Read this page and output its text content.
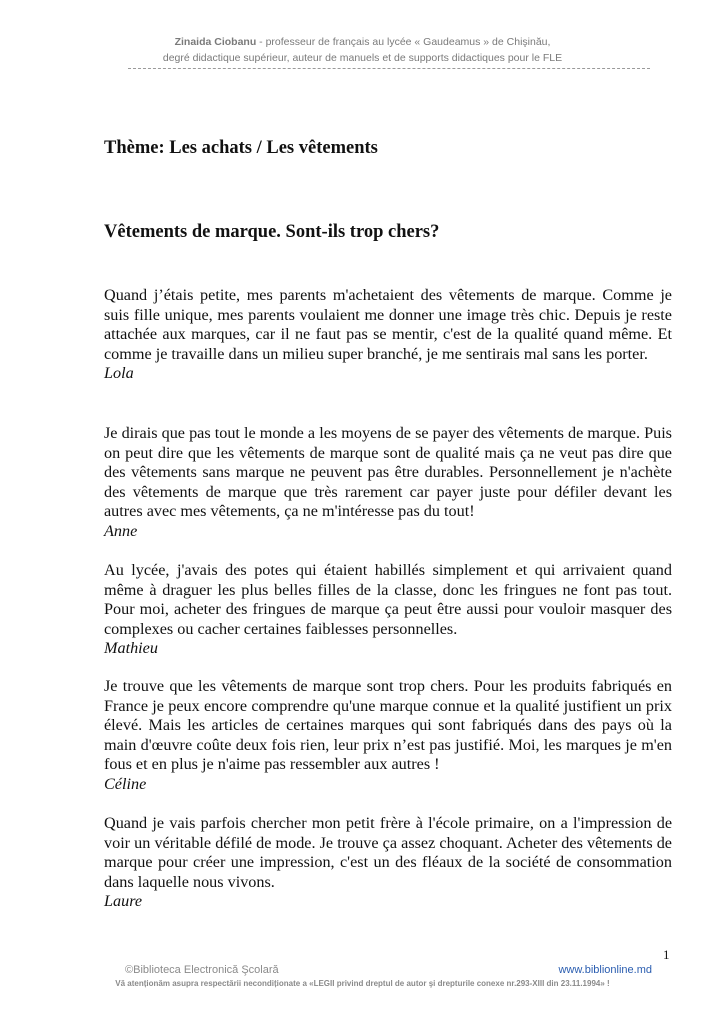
Zinaida Ciobanu - professeur de français au lycée « Gaudeamus » de Chişinău,
degré didactique supérieur, auteur de manuels et de supports didactiques pour le FLE
Thème: Les achats / Les vêtements
Vêtements de marque. Sont-ils trop chers?

Quand j’étais petite, mes parents m'achetaient des vêtements de marque. Comme je suis fille unique, mes parents voulaient me donner une image très chic. Depuis je reste attachée aux marques, car il ne faut pas se mentir, c'est de la qualité quand même. Et comme je travaille dans un milieu super branché, je me sentirais mal sans les porter.

Lola

Je dirais que pas tout le monde a les moyens de se payer des vêtements de marque. Puis on peut dire que les vêtements de marque sont de qualité mais ça ne veut pas dire que des vêtements sans marque ne peuvent pas être durables. Personnellement je n'achète des vêtements de marque que très rarement car payer juste pour défiler devant les autres avec mes vêtements, ça ne m'intéresse pas du tout!

Anne

Au lycée, j'avais des potes qui étaient habillés simplement et qui arrivaient quand même à draguer les plus belles filles de la classe, donc les fringues ne font pas tout. Pour moi, acheter des fringues de marque ça peut être aussi pour vouloir masquer des complexes ou cacher certaines faiblesses personnelles.

Mathieu

Je trouve que les vêtements de marque sont trop chers. Pour les produits fabriqués en France je peux encore comprendre qu'une marque connue et la qualité justifient un prix élevé. Mais les articles de certaines marques qui sont fabriqués dans des pays où la main d'œuvre coûte deux fois rien, leur prix n’est pas justifié. Moi, les marques je m'en fous et en plus je n'aime pas ressembler aux autres !

Céline

Quand je vais parfois chercher mon petit frère à l'école primaire, on a l'impression de voir un véritable défilé de mode. Je trouve ça assez choquant. Acheter des vêtements de marque pour créer une impression, c'est un des fléaux de la société de consommation dans laquelle nous vivons.

Laure

1
©Biblioteca Electronică Şcolară	www.biblionline.md
Vă atenționăm asupra respectării necondiționate a «LEGII privind dreptul de autor şi drepturile conexe nr.293-XIII din 23.11.1994» !
